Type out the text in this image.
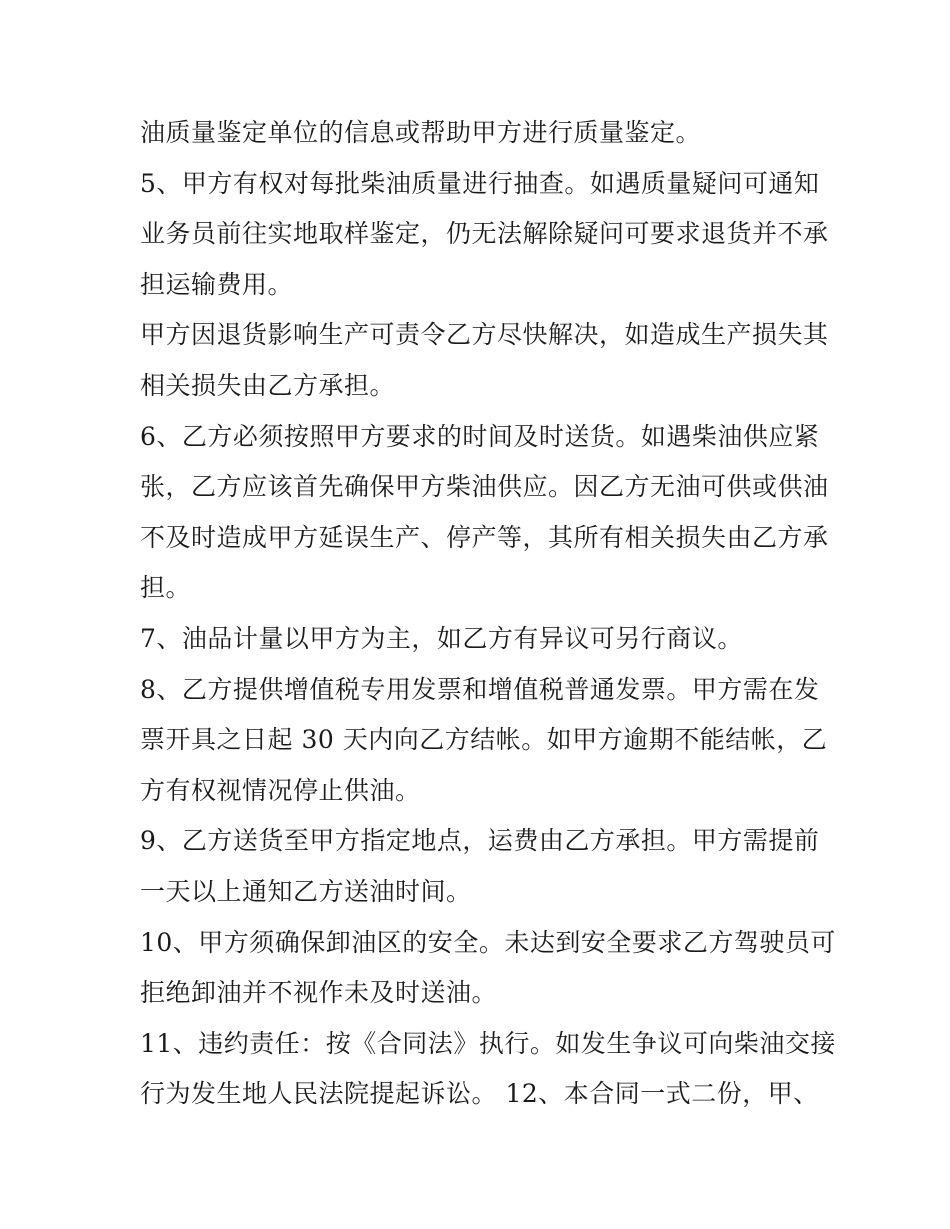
油质量鉴定单位的信息或帮助甲方进行质量鉴定。
5、甲方有权对每批柴油质量进行抽查。如遇质量疑问可通知
业务员前往实地取样鉴定，仍无法解除疑问可要求退货并不承
担运输费用。
甲方因退货影响生产可责令乙方尽快解决，如造成生产损失其
相关损失由乙方承担。
6、乙方必须按照甲方要求的时间及时送货。如遇柴油供应紧
张，乙方应该首先确保甲方柴油供应。因乙方无油可供或供油
不及时造成甲方延误生产、停产等，其所有相关损失由乙方承
担。
7、油品计量以甲方为主，如乙方有异议可另行商议。
8、乙方提供增值税专用发票和增值税普通发票。甲方需在发
票开具之日起 30 天内向乙方结帐。如甲方逾期不能结帐，乙
方有权视情况停止供油。
9、乙方送货至甲方指定地点，运费由乙方承担。甲方需提前
一天以上通知乙方送油时间。
10、甲方须确保卸油区的安全。未达到安全要求乙方驾驶员可
拒绝卸油并不视作未及时送油。
11、违约责任：按《合同法》执行。如发生争议可向柴油交接
行为发生地人民法院提起诉讼。 12、本合同一式二份，甲、
